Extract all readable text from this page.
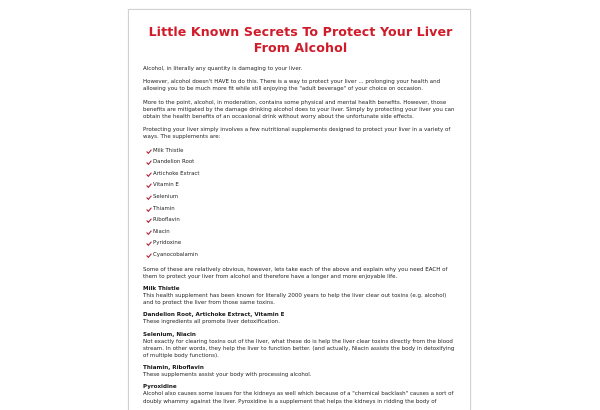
Little Known Secrets To Protect Your Liver From Alcohol

Alcohol, in literally any quantity is damaging to your liver.

However, alcohol doesn't HAVE to do this. There is a way to protect your liver ... prolonging your health and allowing you to be much more fit while still enjoying the "adult beverage" of your choice on occasion.

More to the point, alcohol, in moderation, contains some physical and mental health benefits. However, those benefits are mitigated by the damage drinking alcohol does to your liver. Simply by protecting your liver you can obtain the health benefits of an occasional drink without worry about the unfortunate side effects.

Protecting your liver simply involves a few nutritional supplements designed to protect your liver in a variety of ways. The supplements are:

Milk Thistle
Dandelion Root
Artichoke Extract
Vitamin E
Selenium
Thiamin
Riboflavin
Niacin
Pyridoxine
Cyanocobalamin

Some of these are relatively obvious, however, lets take each of the above and explain why you need EACH of them to protect your liver from alcohol and therefore have a longer and more enjoyable life.

Milk Thistle

This health supplement has been known for literally 2000 years to help the liver clear out toxins (e.g. alcohol) and to protect the liver from those same toxins.

Dandelion Root, Artichoke Extract, Vitamin E

These ingredients all promote liver detoxification.

Selenium, Niacin

Not exactly for clearing toxins out of the liver, what these do is help the liver clear toxins directly from the blood stream. In other words, they help the liver to function better. (and actually, Niacin assists the body in detoxifying of multiple body functions).

Thiamin, Riboflavin

These supplements assist your body with processing alcohol.

Pyroxidine

Alcohol also causes some issues for the kidneys as well which because of a "chemical backlash" causes a sort of doubly whammy against the liver. Pyroxidine is a supplement that helps the kidneys in ridding the body of
